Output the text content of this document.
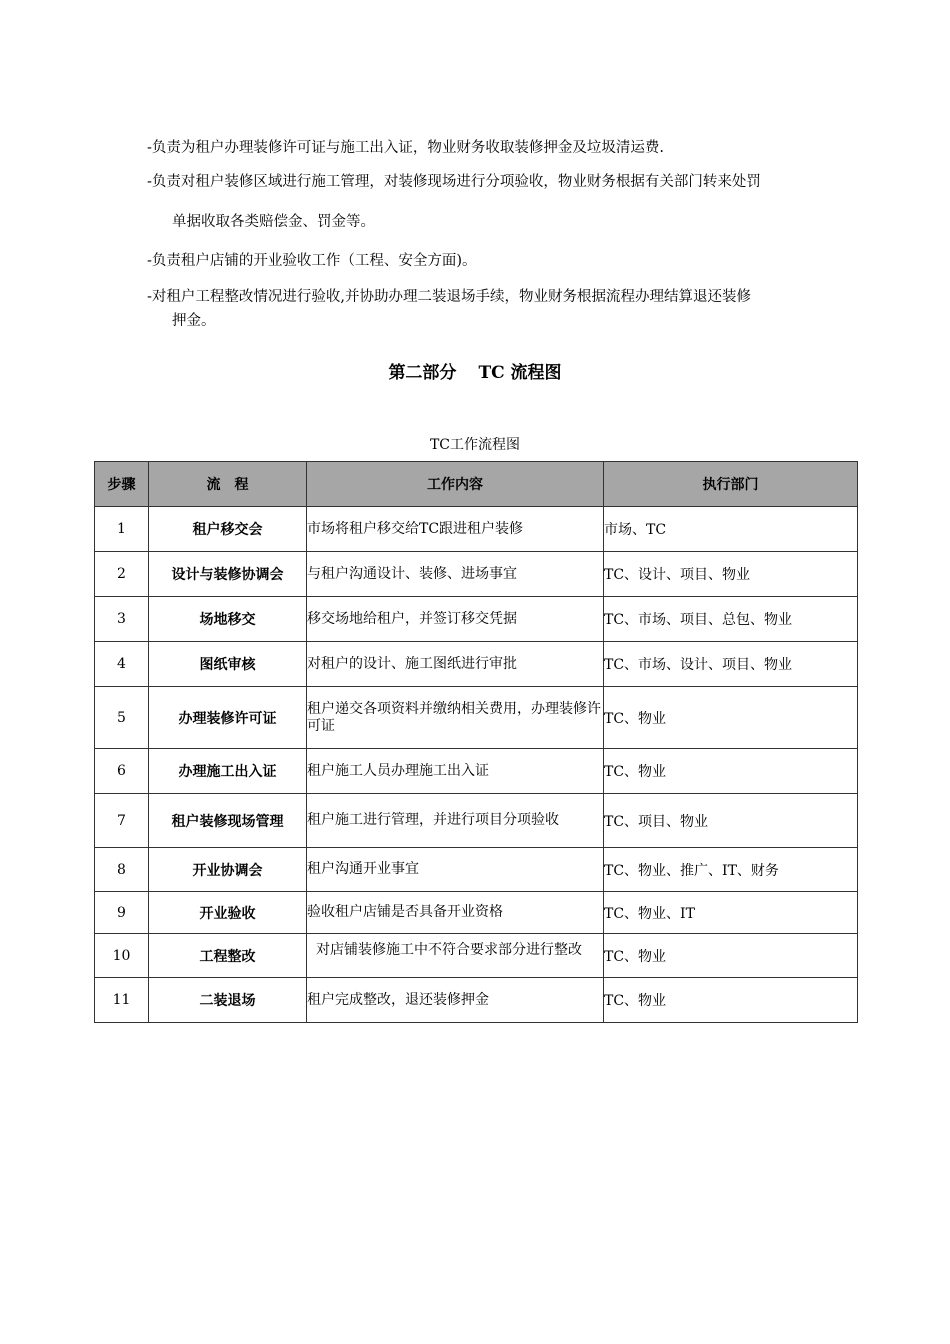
-负责为租户办理装修许可证与施工出入证，物业财务收取装修押金及垃圾清运费.

-负责对租户装修区域进行施工管理，对装修现场进行分项验收，物业财务根据有关部门转来处罚
单据收取各类赔偿金、罚金等。

-负责租户店铺的开业验收工作（工程、安全方面)。

-对租户工程整改情况进行验收,并协助办理二装退场手续，物业财务根据流程办理结算退还装修
押金。

第二部分 TC 流程图
TC工作流程图
步骤	流　程	工作内容	执行部门
1	租户移交会	市场将租户移交给TC跟进租户装修	市场、TC
2	设计与装修协调会	与租户沟通设计、装修、进场事宜	TC、设计、项目、物业
3	场地移交	移交场地给租户，并签订移交凭据	TC、市场、项目、总包、物业
4	图纸审核	对租户的设计、施工图纸进行审批	TC、市场、设计、项目、物业
5	办理装修许可证	租户递交各项资料并缴纳相关费用，办理装修许可证	TC、物业
6	办理施工出入证	租户施工人员办理施工出入证	TC、物业
7	租户装修现场管理	租户施工进行管理，并进行项目分项验收	TC、项目、物业
8	开业协调会	租户沟通开业事宜	TC、物业、推广、IT、财务
9	开业验收	验收租户店铺是否具备开业资格	TC、物业、IT
10	工程整改	对店铺装修施工中不符合要求部分进行整改	TC、物业
11	二装退场	租户完成整改，退还装修押金	TC、物业
